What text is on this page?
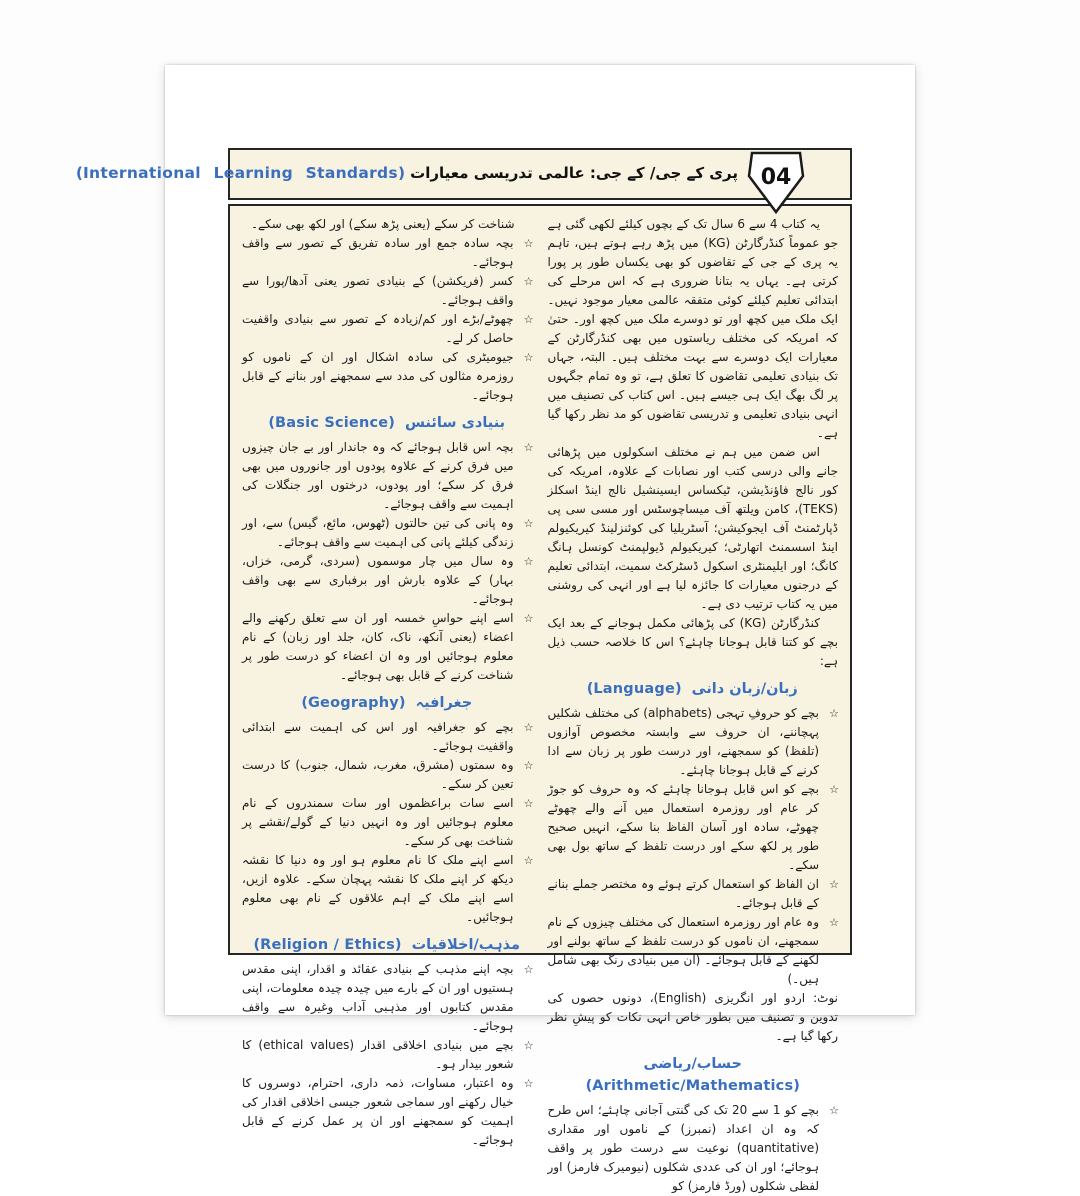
پری کے جی/ کے جی: عالمی تدریسی معیارات (International Learning Standards)	04
یہ کتاب 4 سے 6 سال تک کے بچوں کیلئے لکھی گئی ہے جو عموماً کنڈرگارٹن (KG) میں پڑھ رہے ہوتے ہیں، تاہم یہ پری کے جی کے تقاضوں کو بھی یکساں طور پر پورا کرتی ہے۔ یہاں یہ بتانا ضروری ہے کہ اس مرحلے کی ابتدائی تعلیم کیلئے کوئی متفقہ عالمی معیار موجود نہیں۔ ایک ملک میں کچھ اور تو دوسرے ملک میں کچھ اور۔ حتیٰ کہ امریکہ کی مختلف ریاستوں میں بھی کنڈرگارٹن کے معیارات ایک دوسرے سے بہت مختلف ہیں۔ البتہ، جہاں تک بنیادی تعلیمی تقاضوں کا تعلق ہے، تو وہ تمام جگہوں پر لگ بھگ ایک ہی جیسے ہیں۔ اس کتاب کی تصنیف میں انہی بنیادی تعلیمی و تدریسی تقاضوں کو مد نظر رکھا گیا ہے۔
اس ضمن میں ہم نے مختلف اسکولوں میں پڑھائی جانے والی درسی کتب اور نصابات کے علاوہ، امریکہ کی کور نالج فاؤنڈیشن، ٹیکساس ایسینشیل نالج اینڈ اسکلز (TEKS)، کامن ویلتھ آف میساچوسٹس اور مسی سی پی ڈپارٹمنٹ آف ایجوکیشن؛ آسٹریلیا کی کوئنزلینڈ کیریکیولم اینڈ اسسمنٹ اتھارٹی؛ کیریکیولم ڈیولپمنٹ کونسل ہانگ کانگ؛ اور ایلیمنٹری اسکول ڈسٹرکٹ سمیت، ابتدائی تعلیم کے درجنوں معیارات کا جائزہ لیا ہے اور انہی کی روشنی میں یہ کتاب ترتیب دی ہے۔
کنڈرگارٹن (KG) کی پڑھائی مکمل ہوجانے کے بعد ایک بچے کو کتنا قابل ہوجانا چاہئے؟ اس کا خلاصہ حسب ذیل ہے:
زبان/زبان دانی (Language)
☆
بچے کو حروفِ تہجی (alphabets) کی مختلف شکلیں پہچاننے، ان حروف سے وابستہ مخصوص آوازوں (تلفظ) کو سمجھنے، اور درست طور پر زبان سے ادا کرنے کے قابل ہوجانا چاہئے۔
☆
بچے کو اس قابل ہوجانا چاہئے کہ وہ حروف کو جوڑ کر عام اور روزمرہ استعمال میں آنے والے چھوٹے چھوٹے، سادہ اور آسان الفاظ بنا سکے، انہیں صحیح طور پر لکھ سکے اور درست تلفظ کے ساتھ بول بھی سکے۔
☆
ان الفاظ کو استعمال کرتے ہوئے وہ مختصر جملے بنانے کے قابل ہوجائے۔
☆
وہ عام اور روزمرہ استعمال کی مختلف چیزوں کے نام سمجھنے، ان ناموں کو درست تلفظ کے ساتھ بولنے اور لکھنے کے قابل ہوجائے۔ (ان میں بنیادی رنگ بھی شامل ہیں۔)
نوٹ: اردو اور انگریزی (English)، دونوں حصوں کی تدوین و تصنیف میں بطور خاص انہی نکات کو پیشِ نظر رکھا گیا ہے۔
حساب/ریاضی (Arithmetic/Mathematics)
☆
بچے کو 1 سے 20 تک کی گنتی آجانی چاہئے؛ اس طرح کہ وہ ان اعداد (نمبرز) کے ناموں اور مقداری (quantitative) نوعیت سے درست طور پر واقف ہوجائے؛ اور ان کی عددی شکلوں (نیومیرک فارمز) اور لفظی شکلوں (ورڈ فارمز) کو
شناخت کر سکے (یعنی پڑھ سکے) اور لکھ بھی سکے۔
☆
بچہ سادہ جمع اور سادہ تفریق کے تصور سے واقف ہوجائے۔
☆
کسر (فریکشن) کے بنیادی تصور یعنی آدھا/پورا سے واقف ہوجائے۔
☆
چھوٹے/بڑے اور کم/زیادہ کے تصور سے بنیادی واقفیت حاصل کر لے۔
☆
جیومیٹری کی سادہ اشکال اور ان کے ناموں کو روزمرہ مثالوں کی مدد سے سمجھنے اور بنانے کے قابل ہوجائے۔
بنیادی سائنس (Basic Science)
☆
بچہ اس قابل ہوجائے کہ وہ جاندار اور بے جان چیزوں میں فرق کرنے کے علاوہ پودوں اور جانوروں میں بھی فرق کر سکے؛ اور پودوں، درختوں اور جنگلات کی اہمیت سے واقف ہوجائے۔
☆
وہ پانی کی تین حالتوں (ٹھوس، مائع، گیس) سے، اور زندگی کیلئے پانی کی اہمیت سے واقف ہوجائے۔
☆
وہ سال میں چار موسموں (سردی، گرمی، خزاں، بہار) کے علاوہ بارش اور برفباری سے بھی واقف ہوجائے۔
☆
اسے اپنے حواسِ خمسہ اور ان سے تعلق رکھنے والے اعضاء (یعنی آنکھ، ناک، کان، جلد اور زبان) کے نام معلوم ہوجائیں اور وہ ان اعضاء کو درست طور پر شناخت کرنے کے قابل بھی ہوجائے۔
جغرافیہ (Geography)
☆
بچے کو جغرافیہ اور اس کی اہمیت سے ابتدائی واقفیت ہوجائے۔
☆
وہ سمتوں (مشرق، مغرب، شمال، جنوب) کا درست تعین کر سکے۔
☆
اسے سات براعظموں اور سات سمندروں کے نام معلوم ہوجائیں اور وہ انہیں دنیا کے گولے/نقشے پر شناخت بھی کر سکے۔
☆
اسے اپنے ملک کا نام معلوم ہو اور وہ دنیا کا نقشہ دیکھ کر اپنے ملک کا نقشہ پہچان سکے۔ علاوہ ازیں، اسے اپنے ملک کے اہم علاقوں کے نام بھی معلوم ہوجائیں۔
مذہب/اخلاقیات (Religion / Ethics)
☆
بچہ اپنے مذہب کے بنیادی عقائد و اقدار، اپنی مقدس ہستیوں اور ان کے بارے میں چیدہ چیدہ معلومات، اپنی مقدس کتابوں اور مذہبی آداب وغیرہ سے واقف ہوجائے۔
☆
بچے میں بنیادی اخلاقی اقدار (ethical values) کا شعور بیدار ہو۔
☆
وہ اعتبار، مساوات، ذمہ داری، احترام، دوسروں کا خیال رکھنے اور سماجی شعور جیسی اخلاقی اقدار کی اہمیت کو سمجھنے اور ان پر عمل کرنے کے قابل ہوجائے۔
